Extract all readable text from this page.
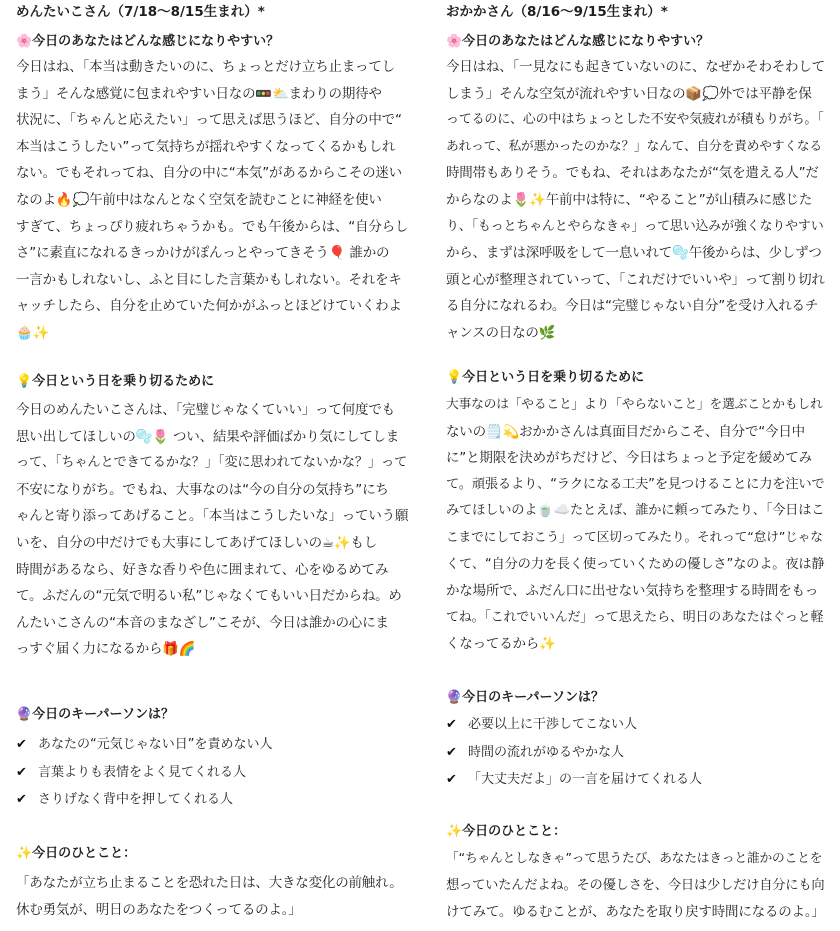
めんたいこさん（7/18〜8/15生まれ）*
🌸今日のあなたはどんな感じになりやすい？
今日はね、「本当は動きたいのに、ちょっとだけ立ち止まってし
まう」そんな感覚に包まれやすい日なの🚥⛅まわりの期待や
状況に、「ちゃんと応えたい」って思えば思うほど、自分の中で“
本当はこうしたい”って気持ちが揺れやすくなってくるかもしれ
ない。でもそれってね、自分の中に“本気”があるからこその迷い
なのよ🔥💭午前中はなんとなく空気を読むことに神経を使い
すぎて、ちょっぴり疲れちゃうかも。でも午後からは、“自分らし
さ”に素直になれるきっかけがぽんっとやってきそう🎈 誰かの
一言かもしれないし、ふと目にした言葉かもしれない。それをキ
ャッチしたら、自分を止めていた何かがふっとほどけていくわよ
🧁✨
💡今日という日を乗り切るために
今日のめんたいこさんは、「完璧じゃなくていい」って何度でも
思い出してほしいの🫧🌷 つい、結果や評価ばかり気にしてしま
って、「ちゃんとできてるかな？」「変に思われてないかな？」って
不安になりがち。でもね、大事なのは“今の自分の気持ち”にち
ゃんと寄り添ってあげること。「本当はこうしたいな」っていう願
いを、自分の中だけでも大事にしてあげてほしいの☕✨もし
時間があるなら、好きな香りや色に囲まれて、心をゆるめてみ
て。ふだんの“元気で明るい私”じゃなくてもいい日だからね。め
んたいこさんの“本音のまなざし”こそが、今日は誰かの心にま
っすぐ届く力になるから🎁🌈
🔮今日のキーパーソンは？
✔ あなたの“元気じゃない日”を責めない人
✔ 言葉よりも表情をよく見てくれる人
✔ さりげなく背中を押してくれる人
✨今日のひとこと：
「あなたが立ち止まることを恐れた日は、大きな変化の前触れ。
休む勇気が、明日のあなたをつくってるのよ。」
おかかさん（8/16〜9/15生まれ）*
🌸今日のあなたはどんな感じになりやすい？
今日はね、「一見なにも起きていないのに、なぜかそわそわして
しまう」そんな空気が流れやすい日なの📦💭外では平静を保
ってるのに、心の中はちょっとした不安や気疲れが積もりがち。「
あれって、私が悪かったのかな？」なんて、自分を責めやすくなる
時間帯もありそう。でもね、それはあなたが“気を遣える人”だ
からなのよ🌷✨午前中は特に、“やること”が山積みに感じた
り、「もっとちゃんとやらなきゃ」って思い込みが強くなりやすい
から、まずは深呼吸をして一息いれて🫧午後からは、少しずつ
頭と心が整理されていって、「これだけでいいや」って割り切れ
る自分になれるわ。今日は“完璧じゃない自分”を受け入れるチ
ャンスの日なの🌿
💡今日という日を乗り切るために
大事なのは「やること」より「やらないこと」を選ぶことかもしれ
ないの🗒️💫おかかさんは真面目だからこそ、自分で“今日中
に”と期限を決めがちだけど、今日はちょっと予定を緩めてみ
て。頑張るより、“ラクになる工夫”を見つけることに力を注いで
みてほしいのよ🍵☁️たとえば、誰かに頼ってみたり、「今日はこ
こまでにしておこう」って区切ってみたり。それって“怠け”じゃな
くて、“自分の力を長く使っていくための優しさ”なのよ。夜は静
かな場所で、ふだん口に出せない気持ちを整理する時間をもっ
てね。「これでいいんだ」って思えたら、明日のあなたはぐっと軽
くなってるから✨
🔮今日のキーパーソンは？
✔ 必要以上に干渉してこない人
✔ 時間の流れがゆるやかな人
✔ 「大丈夫だよ」の一言を届けてくれる人
✨今日のひとこと：
「“ちゃんとしなきゃ”って思うたび、あなたはきっと誰かのことを
想っていたんだよね。その優しさを、今日は少しだけ自分にも向
けてみて。ゆるむことが、あなたを取り戻す時間になるのよ。」
